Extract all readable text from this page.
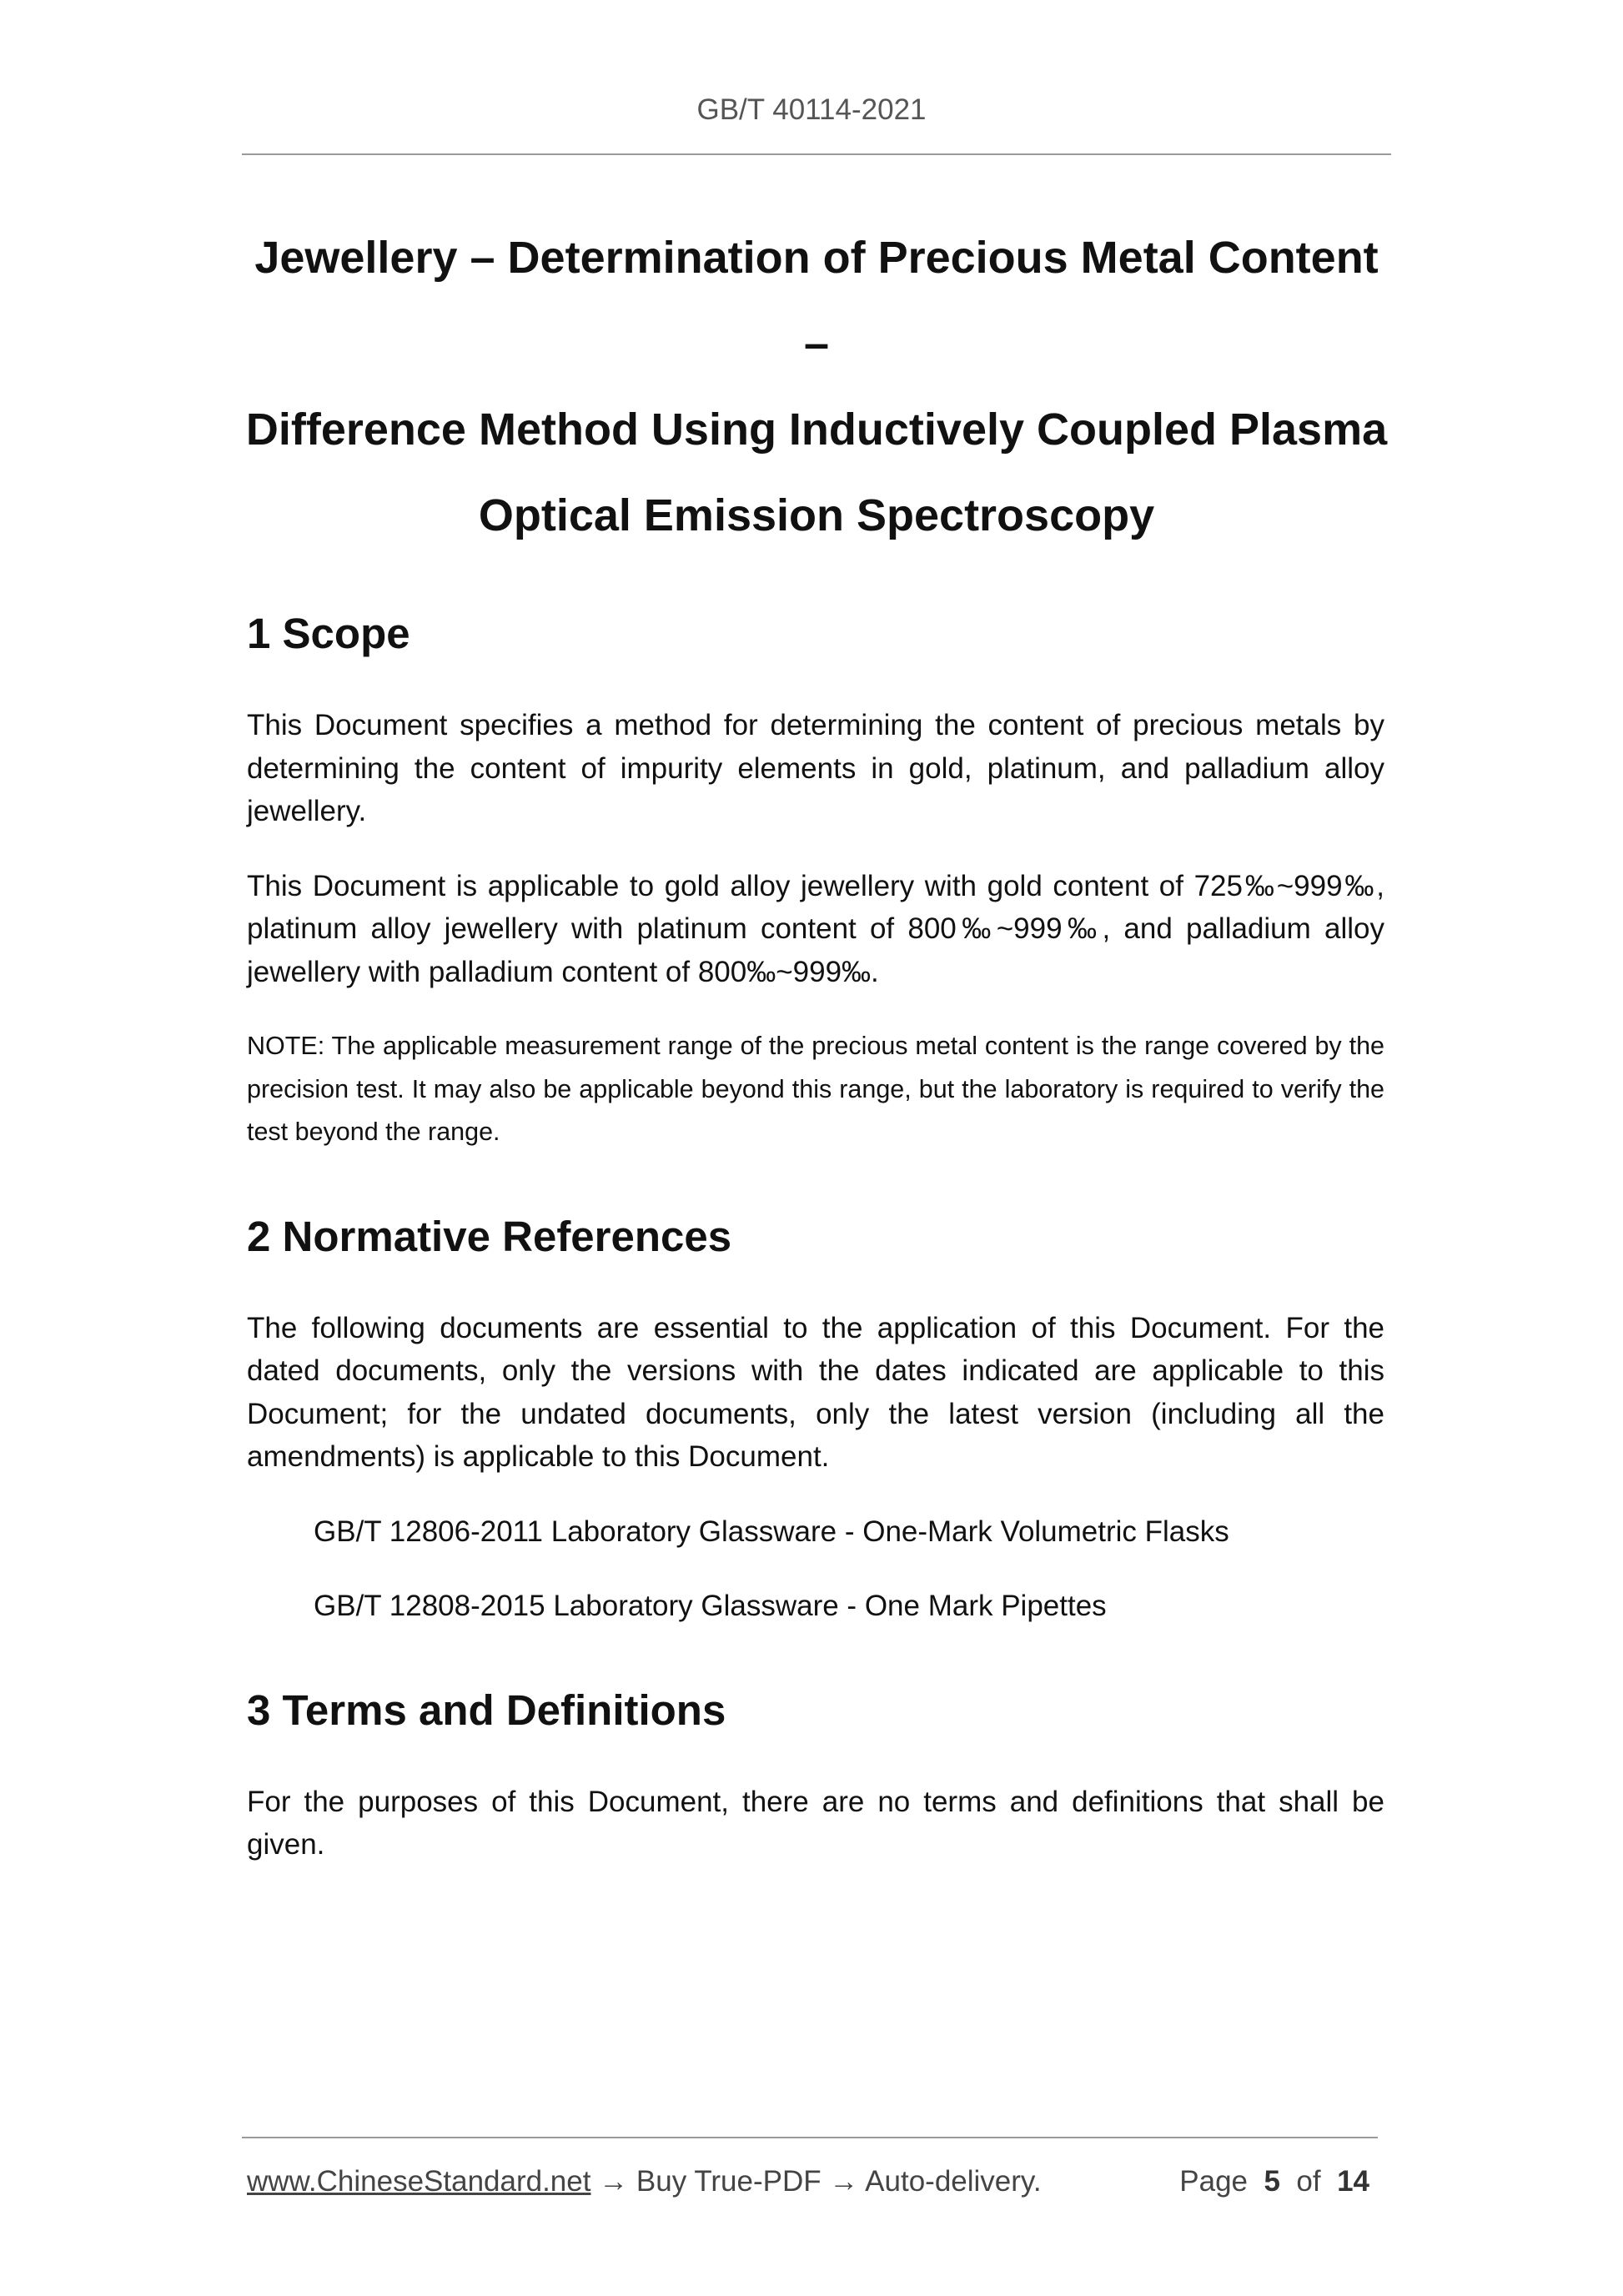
GB/T 40114-2021
Jewellery – Determination of Precious Metal Content –
Difference Method Using Inductively Coupled Plasma
Optical Emission Spectroscopy
1 Scope

This Document specifies a method for determining the content of precious metals by determining the content of impurity elements in gold, platinum, and palladium alloy jewellery.

This Document is applicable to gold alloy jewellery with gold content of 725‰~999‰, platinum alloy jewellery with platinum content of 800‰~999‰, and palladium alloy jewellery with palladium content of 800‰~999‰.

NOTE: The applicable measurement range of the precious metal content is the range covered by the precision test. It may also be applicable beyond this range, but the laboratory is required to verify the test beyond the range.

2 Normative References

The following documents are essential to the application of this Document. For the dated documents, only the versions with the dates indicated are applicable to this Document; for the undated documents, only the latest version (including all the amendments) is applicable to this Document.

GB/T 12806-2011 Laboratory Glassware - One-Mark Volumetric Flasks

GB/T 12808-2015 Laboratory Glassware - One Mark Pipettes

3 Terms and Definitions

For the purposes of this Document, there are no terms and definitions that shall be given.

www.ChineseStandard.net → Buy True-PDF → Auto-delivery.	Page 5 of 14
